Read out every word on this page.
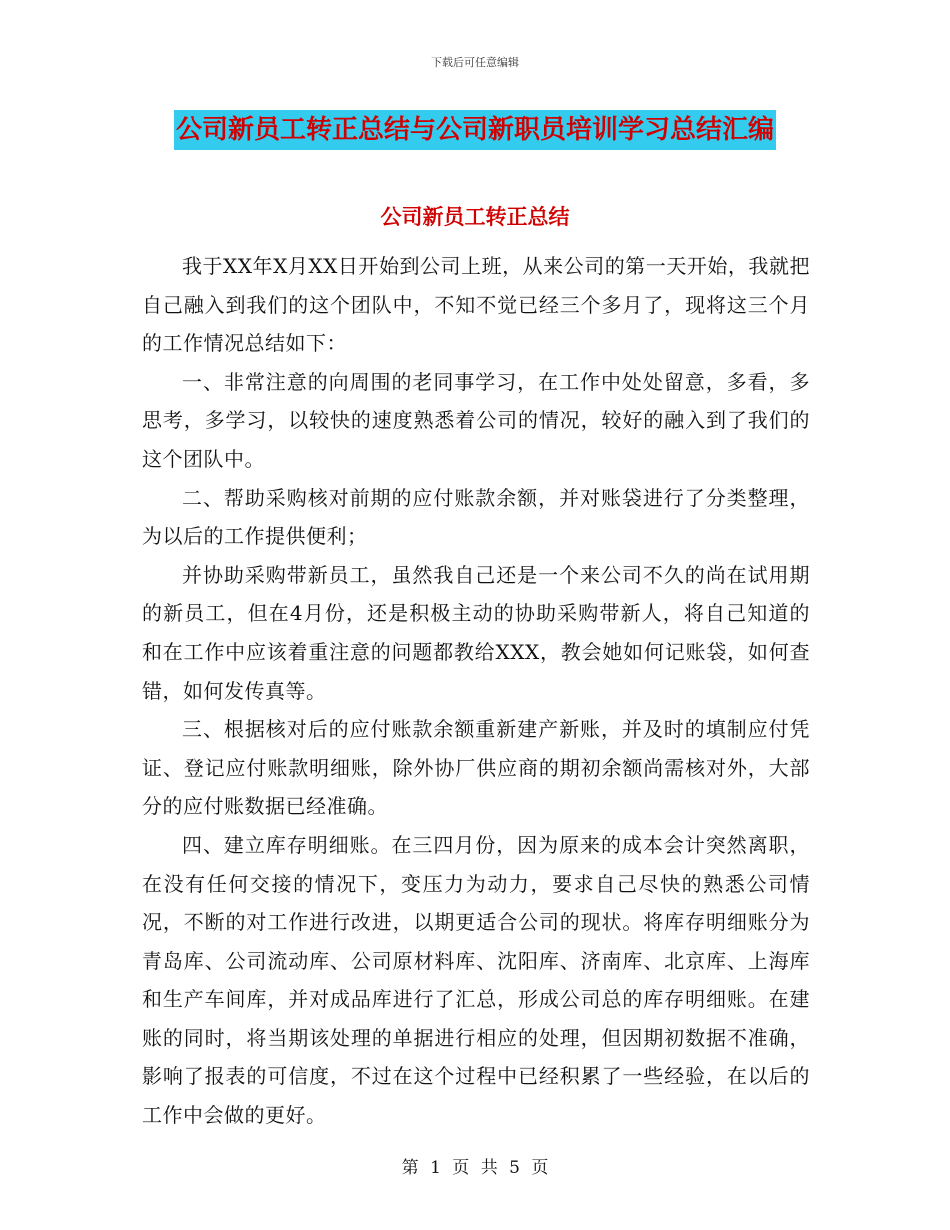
下载后可任意编辑
公司新员工转正总结与公司新职员培训学习总结汇编
公司新员工转正总结

我于XX年X月XX日开始到公司上班，从来公司的第一天开始，我就把自己融入到我们的这个团队中，不知不觉已经三个多月了，现将这三个月的工作情况总结如下：

一、非常注意的向周围的老同事学习，在工作中处处留意，多看，多思考，多学习，以较快的速度熟悉着公司的情况，较好的融入到了我们的这个团队中。

二、帮助采购核对前期的应付账款余额，并对账袋进行了分类整理，为以后的工作提供便利；

并协助采购带新员工，虽然我自己还是一个来公司不久的尚在试用期的新员工，但在4月份，还是积极主动的协助采购带新人，将自己知道的和在工作中应该着重注意的问题都教给XXX，教会她如何记账袋，如何查错，如何发传真等。

三、根据核对后的应付账款余额重新建产新账，并及时的填制应付凭证、登记应付账款明细账，除外协厂供应商的期初余额尚需核对外，大部分的应付账数据已经准确。

四、建立库存明细账。在三四月份，因为原来的成本会计突然离职，在没有任何交接的情况下，变压力为动力，要求自己尽快的熟悉公司情况，不断的对工作进行改进，以期更适合公司的现状。将库存明细账分为青岛库、公司流动库、公司原材料库、沈阳库、济南库、北京库、上海库和生产车间库，并对成品库进行了汇总，形成公司总的库存明细账。在建账的同时，将当期该处理的单据进行相应的处理，但因期初数据不准确，影响了报表的可信度，不过在这个过程中已经积累了一些经验，在以后的工作中会做的更好。

第 1 页 共 5 页
